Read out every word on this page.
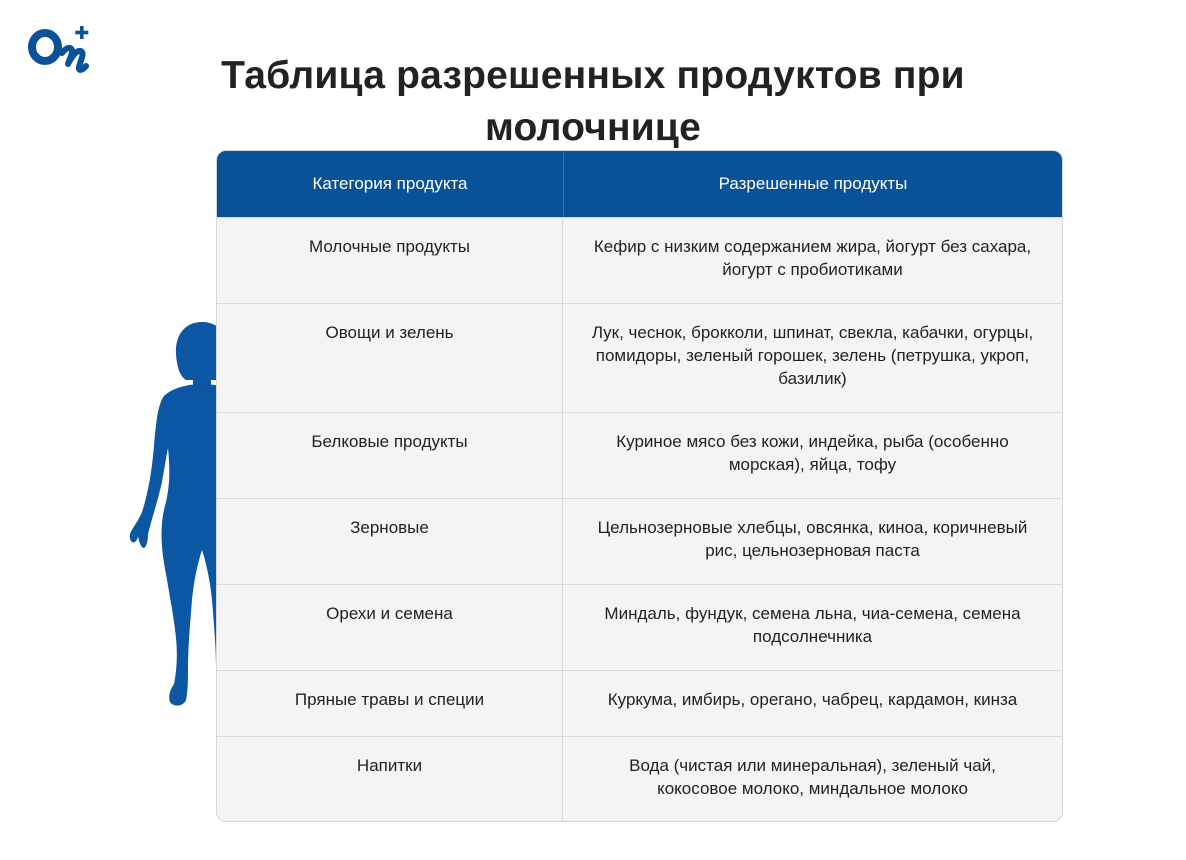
Таблица разрешенных продуктов при молочнице
Категория продукта	Разрешенные продукты
Молочные продукты	Кефир с низким содержанием жира, йогурт без сахара, йогурт с пробиотиками
Овощи и зелень	Лук, чеснок, брокколи, шпинат, свекла, кабачки, огурцы, помидоры, зеленый горошек, зелень (петрушка, укроп, базилик)
Белковые продукты	Куриное мясо без кожи, индейка, рыба (особенно морская), яйца, тофу
Зерновые	Цельнозерновые хлебцы, овсянка, киноа, коричневый рис, цельнозерновая паста
Орехи и семена	Миндаль, фундук, семена льна, чиа-семена, семена подсолнечника
Пряные травы и специи	Куркума, имбирь, орегано, чабрец, кардамон, кинза
Напитки	Вода (чистая или минеральная), зеленый чай, кокосовое молоко, миндальное молоко
